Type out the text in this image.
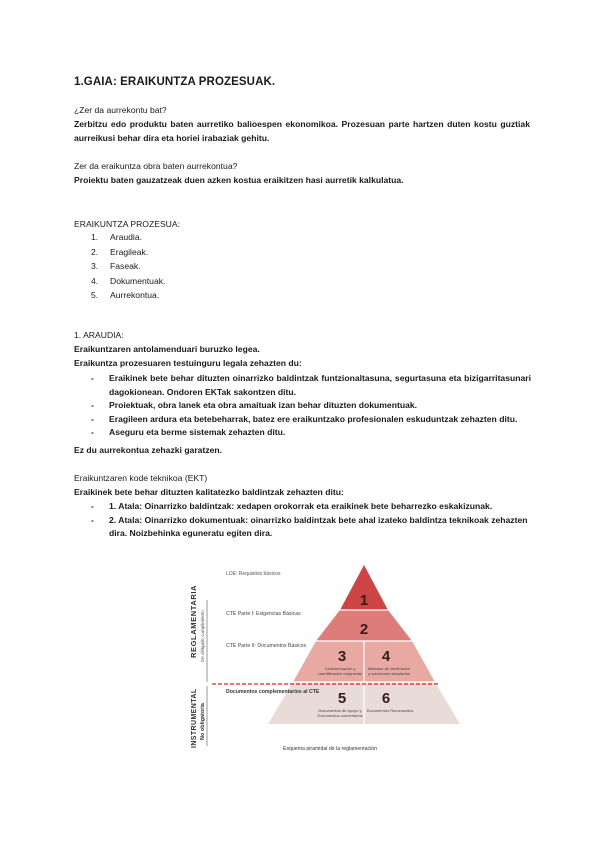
1.GAIA: ERAIKUNTZA PROZESUAK.
¿Zer da aurrekontu bat?
Zerbitzu edo produktu baten aurretiko balioespen ekonomikoa. Prozesuan parte hartzen duten kostu guztiak aurreikusi behar dira eta horiei irabaziak gehitu.
Zer da eraikuntza obra baten aurrekontua?
Proiektu baten gauzatzeak duen azken kostua eraikitzen hasi aurretik kalkulatua.
ERAIKUNTZA PROZESUA:
1. Araudia.
2. Eragileak.
3. Faseak.
4. Dokumentuak.
5. Aurrekontua.
1. ARAUDIA:
Eraikuntzaren antolamenduari buruzko legea.
Eraikuntza prozesuaren testuinguru legala zehazten du:
- Eraikinek bete behar dituzten oinarrizko baldintzak funtzionaltasuna, segurtasuna eta bizigarritasunari dagokionean. Ondoren EKTak sakontzen ditu.
- Proiektuak, obra lanek eta obra amaituak izan behar dituzten dokumentuak.
- Eragileen ardura eta betebeharrak, batez ere eraikuntzako profesionalen eskuduntzak zehazten ditu.
- Aseguru eta berme sistemak zehazten ditu.
Ez du aurrekontua zehazki garatzen.
Eraikuntzaren kode teknikoa (EKT)
Eraikinek bete behar dituzten kalitatezko baldintzak zehazten ditu:
- 1. Atala: Oinarrizko baldintzak: xedapen orokorrak eta eraikinek bete beharrezko eskakizunak.
- 2. Atala: Oinarrizko dokumentuak: oinarrizko baldintzak bete ahal izateko baldintza teknikoak zehazten dira. Noizbehinka eguneratu egiten dira.
REGLAMENTARIA De obligado cumplimiento
INSTRUMENTAL No obligatoria
1
2
3 4
5 6
Caracterización y
cuantificación exigencias
Métodos de verificación
y soluciones aceptadas
Documentos de Apoyo y
Documentos comentarios
Documentos Reconocidos
LOE: Requisitos básicos
CTE Parte I: Exigencias Básicas
CTE Parte II: Documentos Básicos
Documentos complementarios al CTE
Esquema piramidal de la reglamentación
